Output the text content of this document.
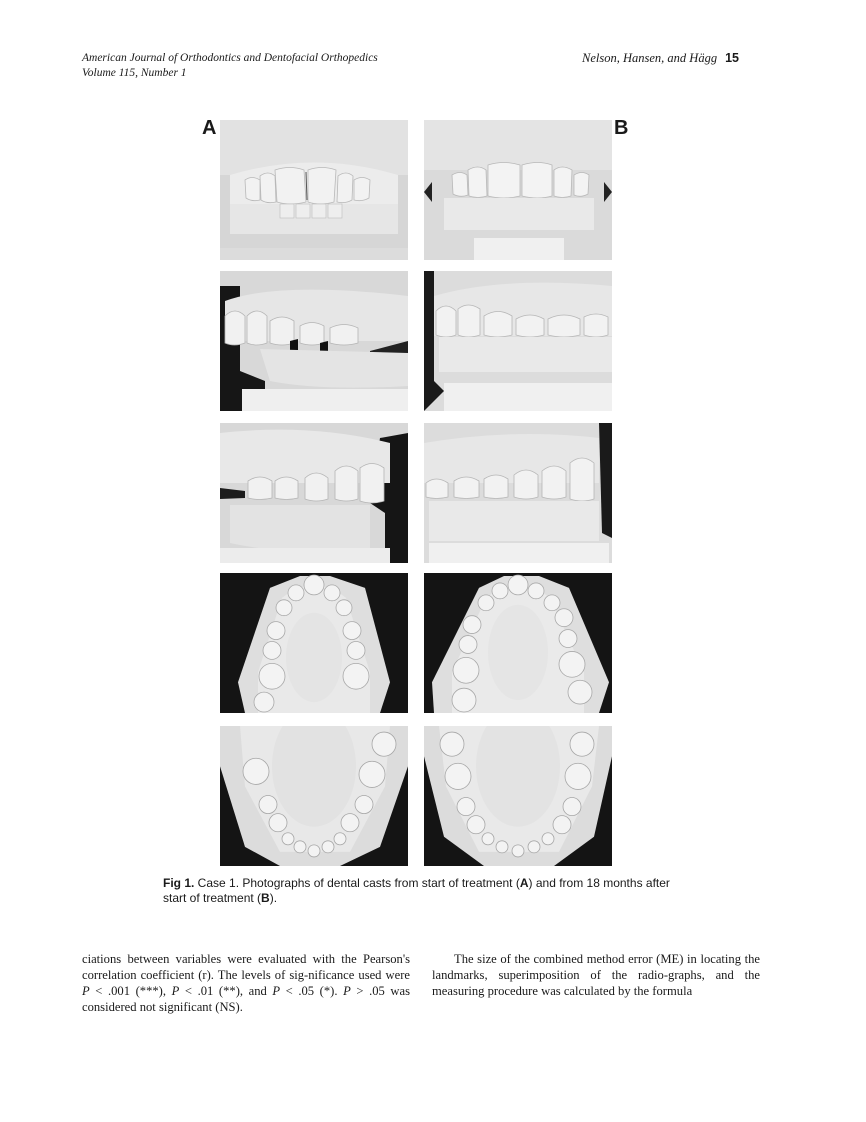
American Journal of Orthodontics and Dentofacial Orthopedics
Volume 115, Number 1
Nelson, Hansen, and Hägg 15
A	B
Fig 1. Case 1. Photographs of dental casts from start of treatment (A) and from 18 months after start of treatment (B).
ciations between variables were evaluated with the Pearson's correlation coefficient (r). The levels of sig-nificance used were P < .001 (***), P < .01 (**), and P < .05 (*). P > .05 was considered not significant (NS).
The size of the combined method error (ME) in locating the landmarks, superimposition of the radio-graphs, and the measuring procedure was calculated by the formula
